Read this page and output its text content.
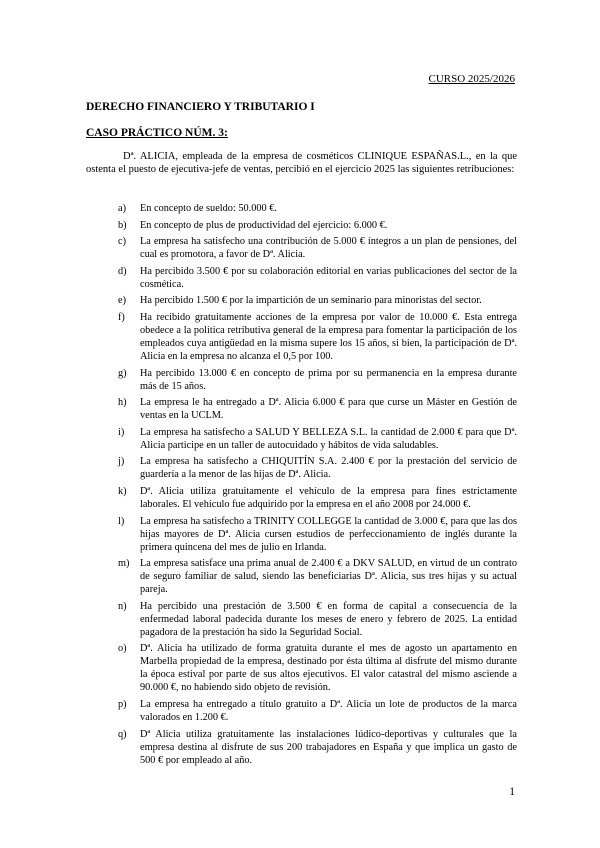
CURSO 2025/2026
DERECHO FINANCIERO Y TRIBUTARIO I
CASO PRÁCTICO NÚM. 3:

Dª. ALICIA, empleada de la empresa de cosméticos CLINIQUE ESPAÑAS.L., en la que ostenta el puesto de ejecutiva-jefe de ventas, percibió en el ejercicio 2025 las siguientes retribuciones:

a) En concepto de sueldo: 50.000 €.
b) En concepto de plus de productividad del ejercicio: 6.000 €.
c) La empresa ha satisfecho una contribución de 5.000 € íntegros a un plan de pensiones, del cual es promotora, a favor de Dª. Alicia.
d) Ha percibido 3.500 € por su colaboración editorial en varias publicaciones del sector de la cosmética.
e) Ha percibido 1.500 € por la impartición de un seminario para minoristas del sector.
f) Ha recibido gratuitamente acciones de la empresa por valor de 10.000 €. Esta entrega obedece a la política retributiva general de la empresa para fomentar la participación de los empleados cuya antigüedad en la misma supere los 15 años, si bien, la participación de Dª. Alicia en la empresa no alcanza el 0,5 por 100.
g) Ha percibido 13.000 € en concepto de prima por su permanencia en la empresa durante más de 15 años.
h) La empresa le ha entregado a Dª. Alicia 6.000 € para que curse un Máster en Gestión de ventas en la UCLM.
i) La empresa ha satisfecho a SALUD Y BELLEZA S.L. la cantidad de 2.000 € para que Dª. Alicia participe en un taller de autocuidado y hábitos de vida saludables.
j) La empresa ha satisfecho a CHIQUITÍN S.A. 2.400 € por la prestación del servicio de guardería a la menor de las hijas de Dª. Alicia.
k) Dª. Alicia utiliza gratuitamente el vehículo de la empresa para fines estrictamente laborales. El vehículo fue adquirido por la empresa en el año 2008 por 24.000 €.
l) La empresa ha satisfecho a TRINITY COLLEGGE la cantidad de 3.000 €, para que las dos hijas mayores de Dª. Alicia cursen estudios de perfeccionamiento de inglés durante la primera quincena del mes de julio en Irlanda.
m) La empresa satisface una prima anual de 2.400 € a DKV SALUD, en virtud de un contrato de seguro familiar de salud, siendo las beneficiarias Dª. Alicia, sus tres hijas y su actual pareja.
n) Ha percibido una prestación de 3.500 € en forma de capital a consecuencia de la enfermedad laboral padecida durante los meses de enero y febrero de 2025. La entidad pagadora de la prestación ha sido la Seguridad Social.
o) Dª. Alicia ha utilizado de forma gratuita durante el mes de agosto un apartamento en Marbella propiedad de la empresa, destinado por ésta última al disfrute del mismo durante la época estival por parte de sus altos ejecutivos. El valor catastral del mismo asciende a 90.000 €, no habiendo sido objeto de revisión.
p) La empresa ha entregado a título gratuito a Dª. Alicia un lote de productos de la marca valorados en 1.200 €.
q) Dª Alicia utiliza gratuitamente las instalaciones lúdico-deportivas y culturales que la empresa destina al disfrute de sus 200 trabajadores en España y que implica un gasto de 500 € por empleado al año.
1
